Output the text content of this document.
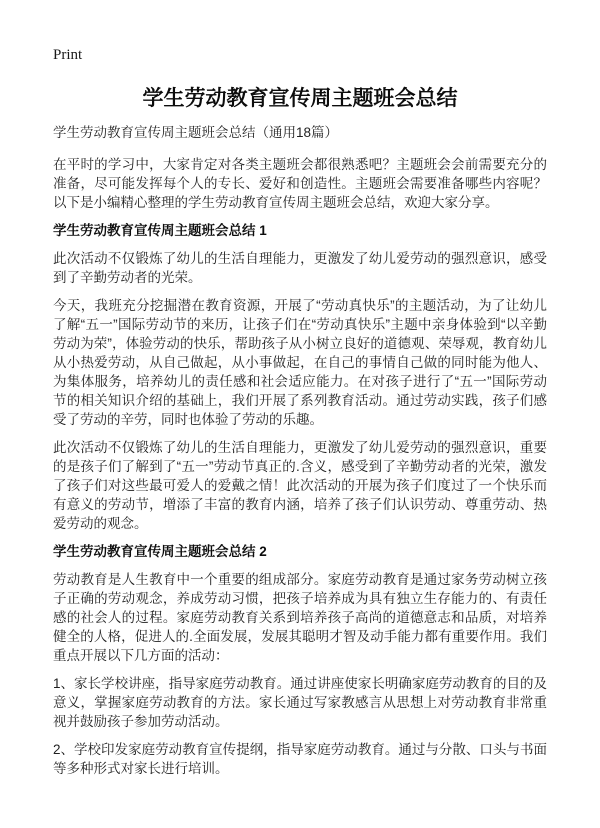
Print
学生劳动教育宣传周主题班会总结
学生劳动教育宣传周主题班会总结（通用18篇）

在平时的学习中，大家肯定对各类主题班会都很熟悉吧？主题班会会前需要充分的准备，尽可能发挥每个人的专长、爱好和创造性。主题班会需要准备哪些内容呢？以下是小编精心整理的学生劳动教育宣传周主题班会总结，欢迎大家分享。

学生劳动教育宣传周主题班会总结 1

此次活动不仅锻炼了幼儿的生活自理能力，更激发了幼儿爱劳动的强烈意识，感受到了辛勤劳动者的光荣。

今天，我班充分挖掘潜在教育资源，开展了“劳动真快乐”的主题活动，为了让幼儿了解“五一”国际劳动节的来历，让孩子们在“劳动真快乐”主题中亲身体验到“以辛勤劳动为荣”，体验劳动的快乐，帮助孩子从小树立良好的道德观、荣辱观，教育幼儿从小热爱劳动，从自己做起，从小事做起，在自己的事情自己做的同时能为他人、为集体服务，培养幼儿的责任感和社会适应能力。在对孩子进行了“五一”国际劳动节的相关知识介绍的基础上，我们开展了系列教育活动。通过劳动实践，孩子们感受了劳动的辛劳，同时也体验了劳动的乐趣。

此次活动不仅锻炼了幼儿的生活自理能力，更激发了幼儿爱劳动的强烈意识，重要的是孩子们了解到了“五一”劳动节真正的.含义，感受到了辛勤劳动者的光荣，激发了孩子们对这些最可爱人的爱戴之情！此次活动的开展为孩子们度过了一个快乐而有意义的劳动节，增添了丰富的教育内涵，培养了孩子们认识劳动、尊重劳动、热爱劳动的观念。

学生劳动教育宣传周主题班会总结 2

劳动教育是人生教育中一个重要的组成部分。家庭劳动教育是通过家务劳动树立孩子正确的劳动观念，养成劳动习惯，把孩子培养成为具有独立生存能力的、有责任感的社会人的过程。家庭劳动教育关系到培养孩子高尚的道德意志和品质，对培养健全的人格，促进人的.全面发展，发展其聪明才智及动手能力都有重要作用。我们重点开展以下几方面的活动：

1、家长学校讲座，指导家庭劳动教育。通过讲座使家长明确家庭劳动教育的目的及意义，掌握家庭劳动教育的方法。家长通过写家教感言从思想上对劳动教育非常重视并鼓励孩子参加劳动活动。

2、学校印发家庭劳动教育宣传提纲，指导家庭劳动教育。通过与分散、口头与书面等多种形式对家长进行培训。
